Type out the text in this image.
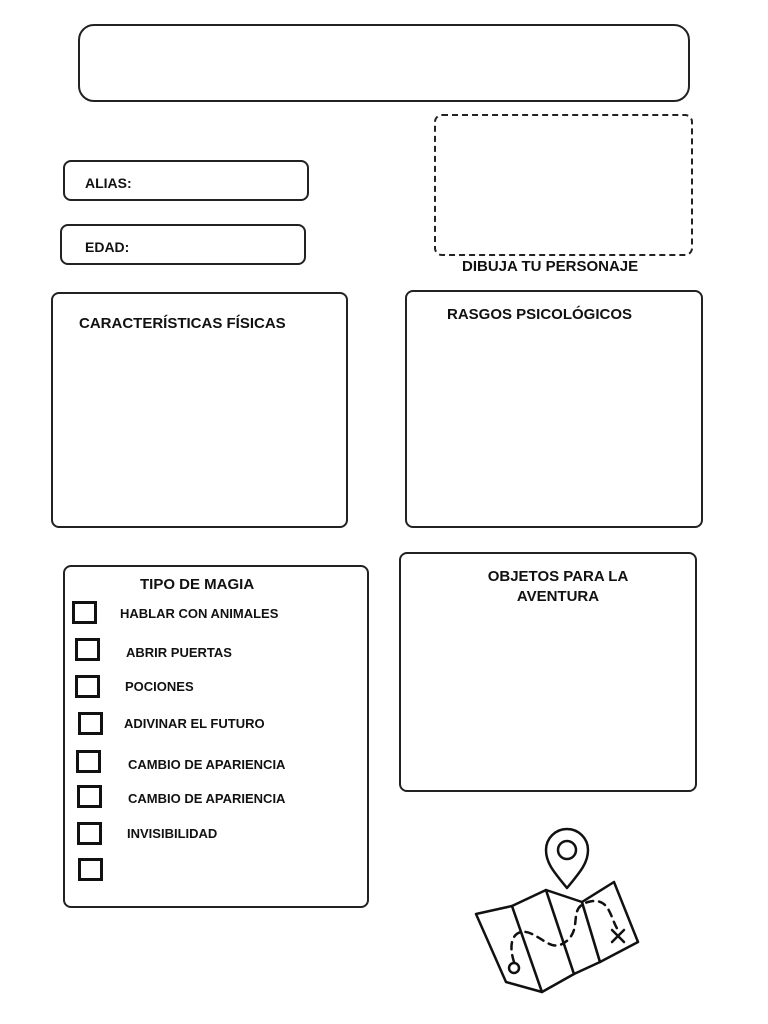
ALIAS:
EDAD:
DIBUJA TU PERSONAJE
CARACTERÍSTICAS FÍSICAS
RASGOS PSICOLÓGICOS
TIPO DE MAGIA
HABLAR CON ANIMALES
ABRIR PUERTAS
POCIONES
ADIVINAR EL FUTURO
CAMBIO DE APARIENCIA
CAMBIO DE APARIENCIA
INVISIBILIDAD
OBJETOS PARA LA
AVENTURA
